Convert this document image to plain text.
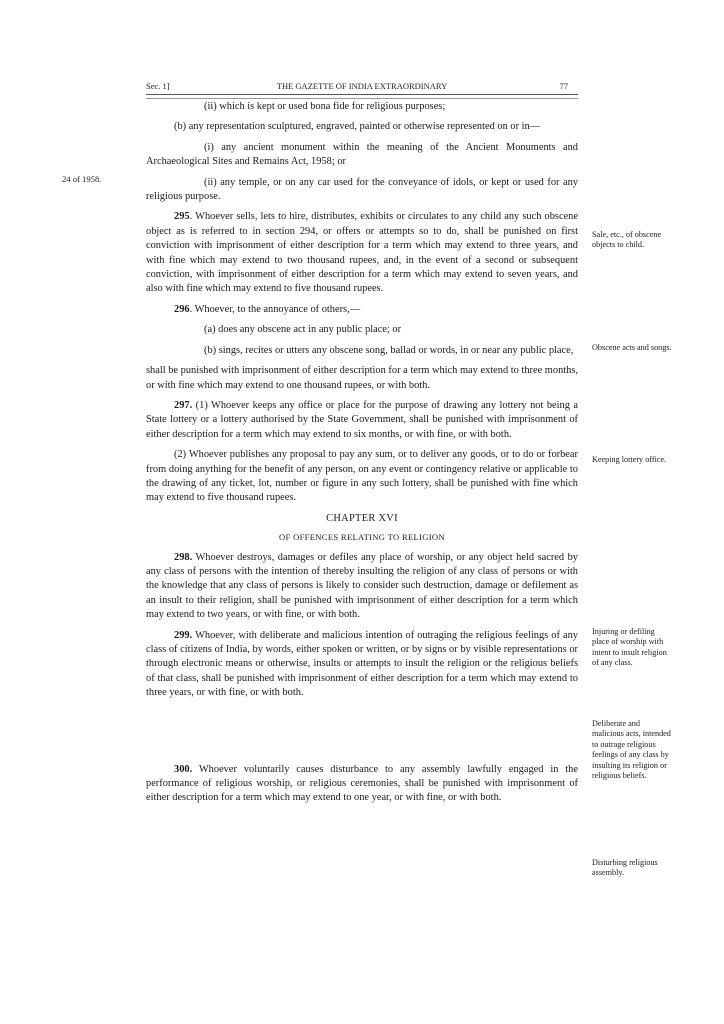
Sec. 1]	THE GAZETTE OF INDIA EXTRAORDINARY	77
24 of 1958.

(ii) which is kept or used bona fide for religious purposes;

(b) any representation sculptured, engraved, painted or otherwise represented on or in—

(i) any ancient monument within the meaning of the Ancient Monuments and Archaeological Sites and Remains Act, 1958; or

(ii) any temple, or on any car used for the conveyance of idols, or kept or used for any religious purpose.

295. Whoever sells, lets to hire, distributes, exhibits or circulates to any child any such obscene object as is referred to in section 294, or offers or attempts so to do, shall be punished on first conviction with imprisonment of either description for a term which may extend to three years, and with fine which may extend to two thousand rupees, and, in the event of a second or subsequent conviction, with imprisonment of either description for a term which may extend to seven years, and also with fine which may extend to five thousand rupees.

296. Whoever, to the annoyance of others,—

(a) does any obscene act in any public place; or

(b) sings, recites or utters any obscene song, ballad or words, in or near any public place,

shall be punished with imprisonment of either description for a term which may extend to three months, or with fine which may extend to one thousand rupees, or with both.

297. (1) Whoever keeps any office or place for the purpose of drawing any lottery not being a State lottery or a lottery authorised by the State Government, shall be punished with imprisonment of either description for a term which may extend to six months, or with fine, or with both.

(2) Whoever publishes any proposal to pay any sum, or to deliver any goods, or to do or forbear from doing anything for the benefit of any person, on any event or contingency relative or applicable to the drawing of any ticket, lot, number or figure in any such lottery, shall be punished with fine which may extend to five thousand rupees.

CHAPTER XVI

OF OFFENCES RELATING TO RELIGION

298. Whoever destroys, damages or defiles any place of worship, or any object held sacred by any class of persons with the intention of thereby insulting the religion of any class of persons or with the knowledge that any class of persons is likely to consider such destruction, damage or defilement as an insult to their religion, shall be punished with imprisonment of either description for a term which may extend to two years, or with fine, or with both.

299. Whoever, with deliberate and malicious intention of outraging the religious feelings of any class of citizens of India, by words, either spoken or written, or by signs or by visible representations or through electronic means or otherwise, insults or attempts to insult the religion or the religious beliefs of that class, shall be punished with imprisonment of either description for a term which may extend to three years, or with fine, or with both.

300. Whoever voluntarily causes disturbance to any assembly lawfully engaged in the performance of religious worship, or religious ceremonies, shall be punished with imprisonment of either description for a term which may extend to one year, or with fine, or with both.

Sale, etc., of obscene objects to child.
Obscene acts and songs.
Keeping lottery office.
Injuring or defiling place of worship with intent to insult religion of any class.
Deliberate and malicious acts, intended to outrage religious feelings of any class by insulting its religion or religious beliefs.
Disturbing religious assembly.
